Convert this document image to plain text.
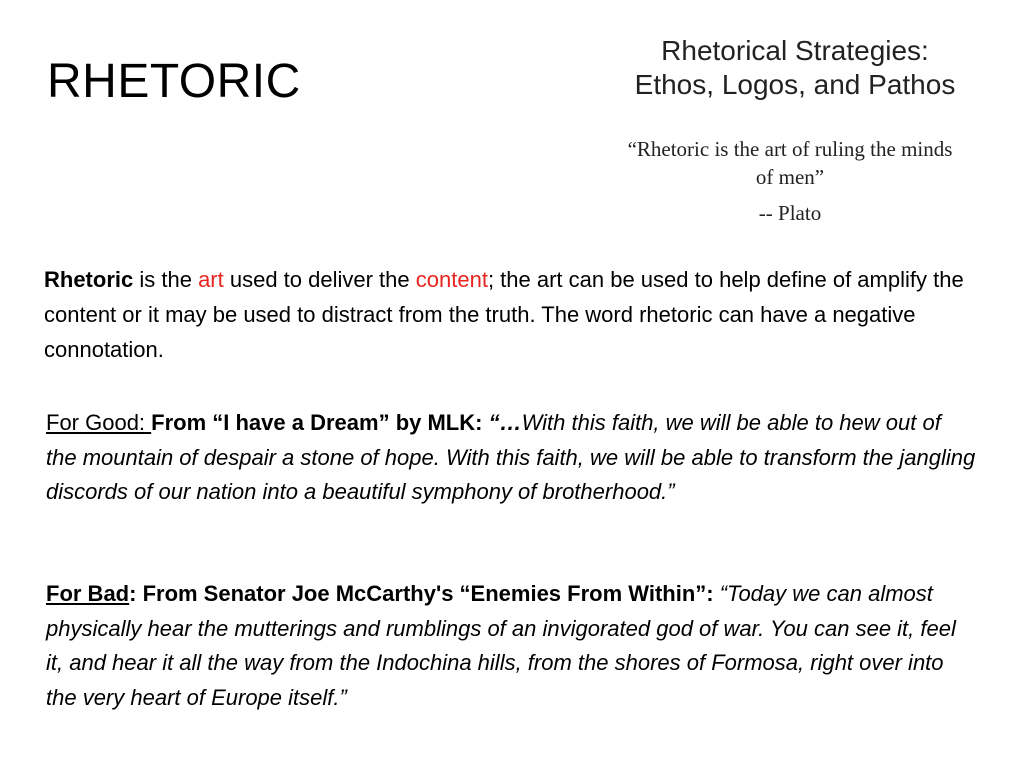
RHETORIC
Rhetorical Strategies:
Ethos, Logos, and Pathos
“Rhetoric is the art of ruling the minds of men”
-- Plato
Rhetoric is the art used to deliver the content; the art can be used to help define of amplify the content or it may be used to distract from the truth. The word rhetoric can have a negative connotation.
For Good: From “I have a Dream” by MLK: “…With this faith, we will be able to hew out of the mountain of despair a stone of hope. With this faith, we will be able to transform the jangling discords of our nation into a beautiful symphony of brotherhood.”
For Bad: From Senator Joe McCarthy's “Enemies From Within”: “Today we can almost physically hear the mutterings and rumblings of an invigorated god of war. You can see it, feel it, and hear it all the way from the Indochina hills, from the shores of Formosa, right over into the very heart of Europe itself.”
